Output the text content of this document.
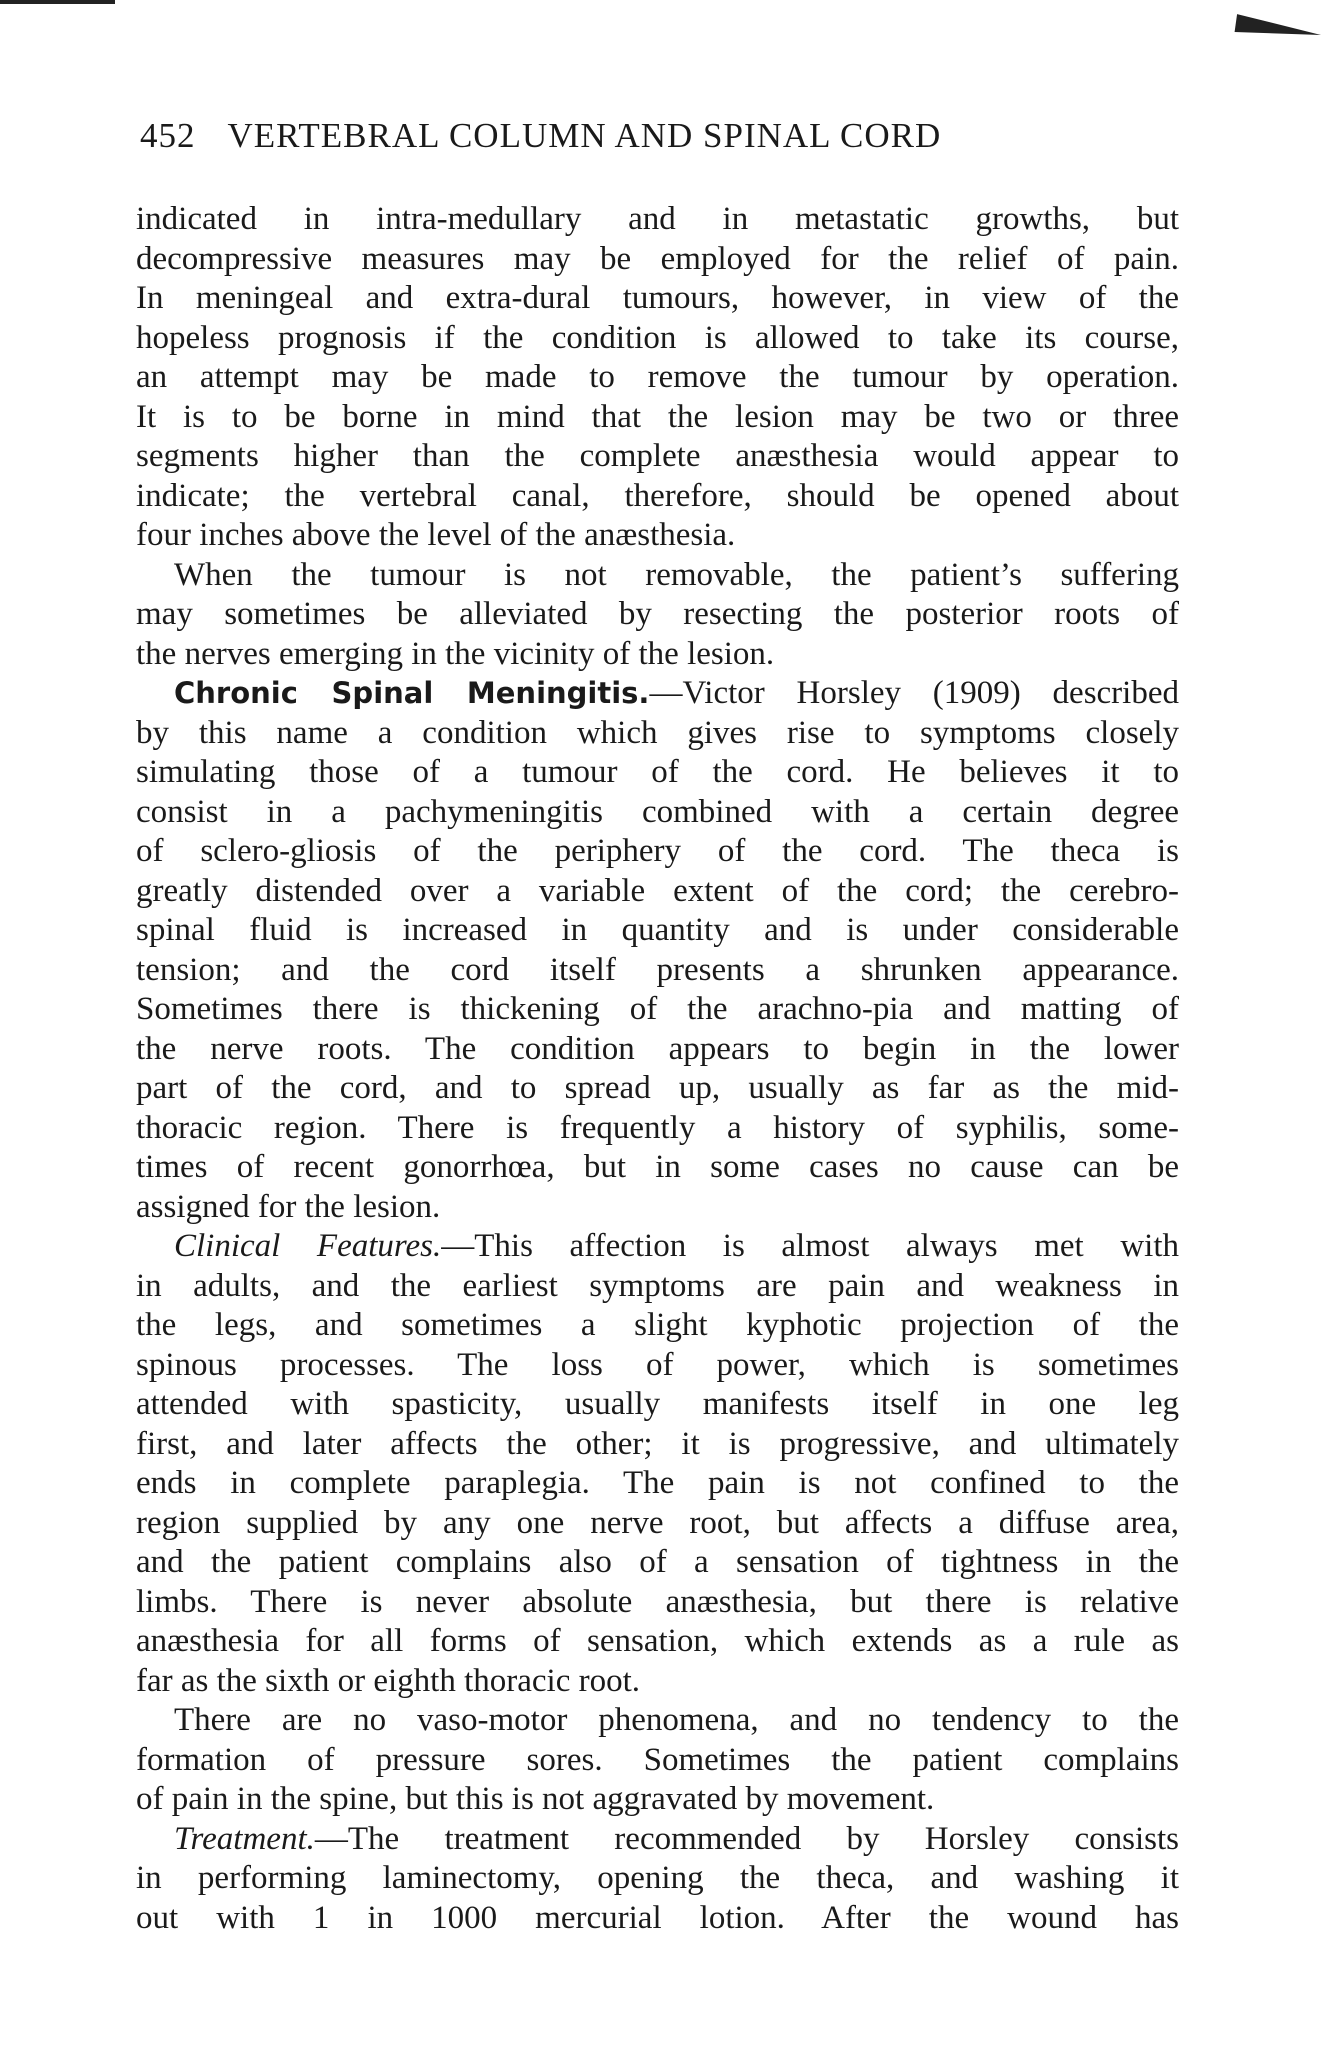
452 VERTEBRAL COLUMN AND SPINAL CORD
indicated in intra-medullary and in metastatic growths, but
decompressive measures may be employed for the relief of pain.
In meningeal and extra-dural tumours, however, in view of the
hopeless prognosis if the condition is allowed to take its course,
an attempt may be made to remove the tumour by operation.
It is to be borne in mind that the lesion may be two or three
segments higher than the complete anæsthesia would appear to
indicate; the vertebral canal, therefore, should be opened about
four inches above the level of the anæsthesia.
When the tumour is not removable, the patient’s suffering
may sometimes be alleviated by resecting the posterior roots of
the nerves emerging in the vicinity of the lesion.
Chronic Spinal Meningitis.—Victor Horsley (1909) described
by this name a condition which gives rise to symptoms closely
simulating those of a tumour of the cord. He believes it to
consist in a pachymeningitis combined with a certain degree
of sclero-gliosis of the periphery of the cord. The theca is
greatly distended over a variable extent of the cord; the cerebro-
spinal fluid is increased in quantity and is under considerable
tension; and the cord itself presents a shrunken appearance.
Sometimes there is thickening of the arachno-pia and matting of
the nerve roots. The condition appears to begin in the lower
part of the cord, and to spread up, usually as far as the mid-
thoracic region. There is frequently a history of syphilis, some-
times of recent gonorrhœa, but in some cases no cause can be
assigned for the lesion.
Clinical Features.—This affection is almost always met with
in adults, and the earliest symptoms are pain and weakness in
the legs, and sometimes a slight kyphotic projection of the
spinous processes. The loss of power, which is sometimes
attended with spasticity, usually manifests itself in one leg
first, and later affects the other; it is progressive, and ultimately
ends in complete paraplegia. The pain is not confined to the
region supplied by any one nerve root, but affects a diffuse area,
and the patient complains also of a sensation of tightness in the
limbs. There is never absolute anæsthesia, but there is relative
anæsthesia for all forms of sensation, which extends as a rule as
far as the sixth or eighth thoracic root.
There are no vaso-motor phenomena, and no tendency to the
formation of pressure sores. Sometimes the patient complains
of pain in the spine, but this is not aggravated by movement.
Treatment.—The treatment recommended by Horsley consists
in performing laminectomy, opening the theca, and washing it
out with 1 in 1000 mercurial lotion. After the wound has
